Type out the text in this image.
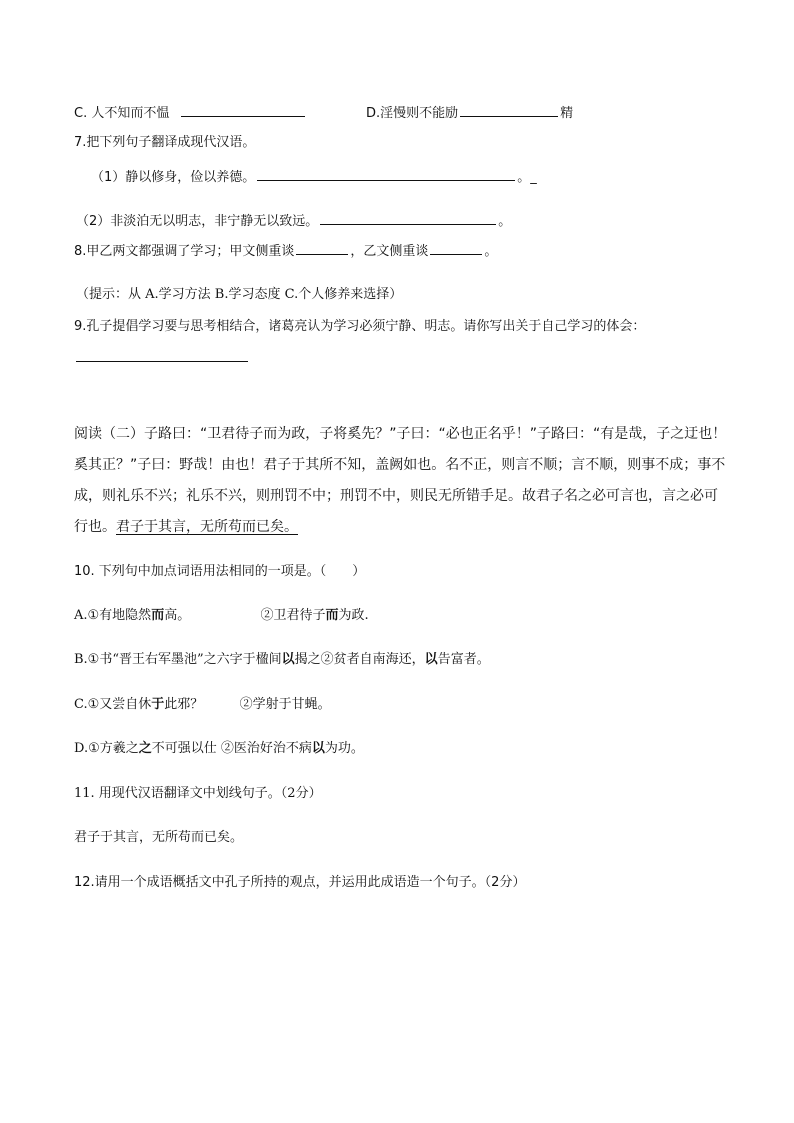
C. 人不知而不愠	D.淫慢则不能励	精
7.把下列句子翻译成现代汉语。
（1）静以修身，俭以养德。	。_
（2）非淡泊无以明志，非宁静无以致远。	。
8.甲乙两文都强调了学习；甲文侧重谈	，乙文侧重谈	。
（提示：从 A.学习方法 B.学习态度 C.个人修养来选择）
9.孔子提倡学习要与思考相结合，诸葛亮认为学习必须宁静、明志。请你写出关于自己学习的体会：
阅读（二）子路曰：“卫君待子而为政，子将奚先？”子曰：“必也正名乎！”子路曰：“有是哉，子之迂也！奚其正？”子曰：野哉！由也！君子于其所不知，盖阙如也。名不正，则言不顺；言不顺，则事不成；事不成，则礼乐不兴；礼乐不兴，则刑罚不中；刑罚不中，则民无所错手足。故君子名之必可言也，言之必可行也。君子于其言，无所苟而已矣。
10. 下列句中加点词语用法相同的一项是。（　　）
A.①有地隐然而高。	②卫君待子而为政.
B.①书“晋王右军墨池”之六字于楹间以揭之②贫者自南海还，以告富者。
C.①又尝自休于此邪？	②学射于甘蝇。
D.①方羲之之不可强以仕 ②医治好治不病以为功。
11. 用现代汉语翻译文中划线句子。（2分）
君子于其言，无所苟而已矣。
12.请用一个成语概括文中孔子所持的观点，并运用此成语造一个句子。（2分）
